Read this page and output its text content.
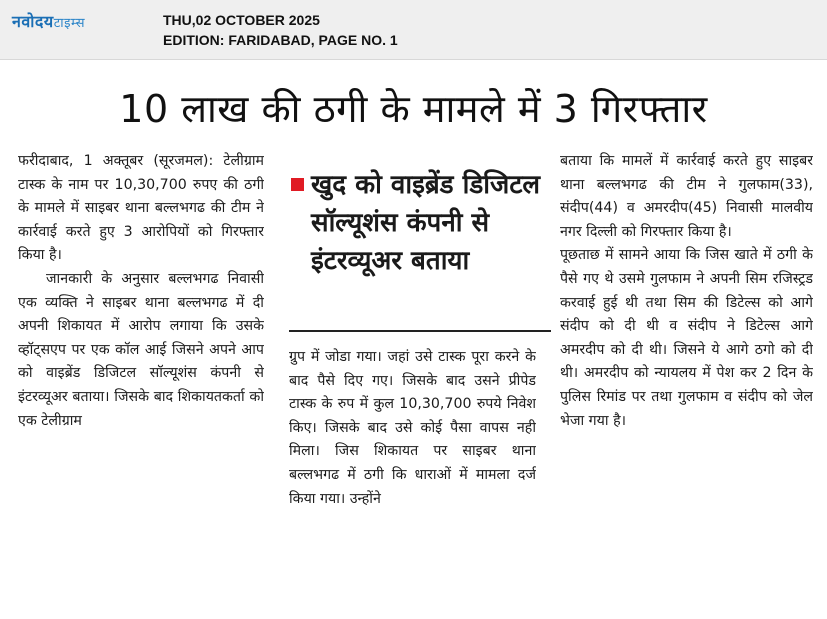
नवोदयटाइम्स	THU,02 OCTOBER 2025
EDITION: FARIDABAD, PAGE NO. 1
10 लाख की ठगी के मामले में 3 गिरफ्तार

फरीदाबाद, 1 अक्तूबर (सूरजमल): टेलीग्राम टास्क के नाम पर 10,30,700 रुपए की ठगी के मामले में साइबर थाना बल्लभगढ की टीम ने कार्रवाई करते हुए 3 आरोपियों को गिरफ्तार किया है।

जानकारी के अनुसार बल्लभगढ निवासी एक व्यक्ति ने साइबर थाना बल्लभगढ में दी अपनी शिकायत में आरोप लगाया कि उसके व्हॉट्सएप पर एक कॉल आई जिसने अपने आप को वाइब्रेंड डिजिटल सॉल्यूशंस कंपनी से इंटरव्यूअर बताया। जिसके बाद शिकायतकर्ता को एक टेलीग्राम

खुद को वाइब्रेंड डिजिटल सॉल्यूशंस कंपनी से इंटरव्यूअर बताया

ग्रुप में जोडा गया। जहां उसे टास्क पूरा करने के बाद पैसे दिए गए। जिसके बाद उसने प्रीपेड टास्क के रुप में कुल 10,30,700 रुपये निवेश किए। जिसके बाद उसे कोई पैसा वापस नही मिला। जिस शिकायत पर साइबर थाना बल्लभगढ में ठगी कि धाराओं में मामला दर्ज किया गया। उन्होंने

बताया कि मामलें में कार्रवाई करते हुए साइबर थाना बल्लभगढ की टीम ने गुलफाम(33), संदीप(44) व अमरदीप(45) निवासी मालवीय नगर दिल्ली को गिरफ्तार किया है।

पूछताछ में सामने आया कि जिस खाते में ठगी के पैसे गए थे उसमे गुलफाम ने अपनी सिम रजिस्ट्रड करवाई हुई थी तथा सिम की डिटेल्स को आगे संदीप को दी थी व संदीप ने डिटेल्स आगे अमरदीप को दी थी। जिसने ये आगे ठगो को दी थी। अमरदीप को न्यायलय में पेश कर 2 दिन के पुलिस रिमांड पर तथा गुलफाम व संदीप को जेल भेजा गया है।
